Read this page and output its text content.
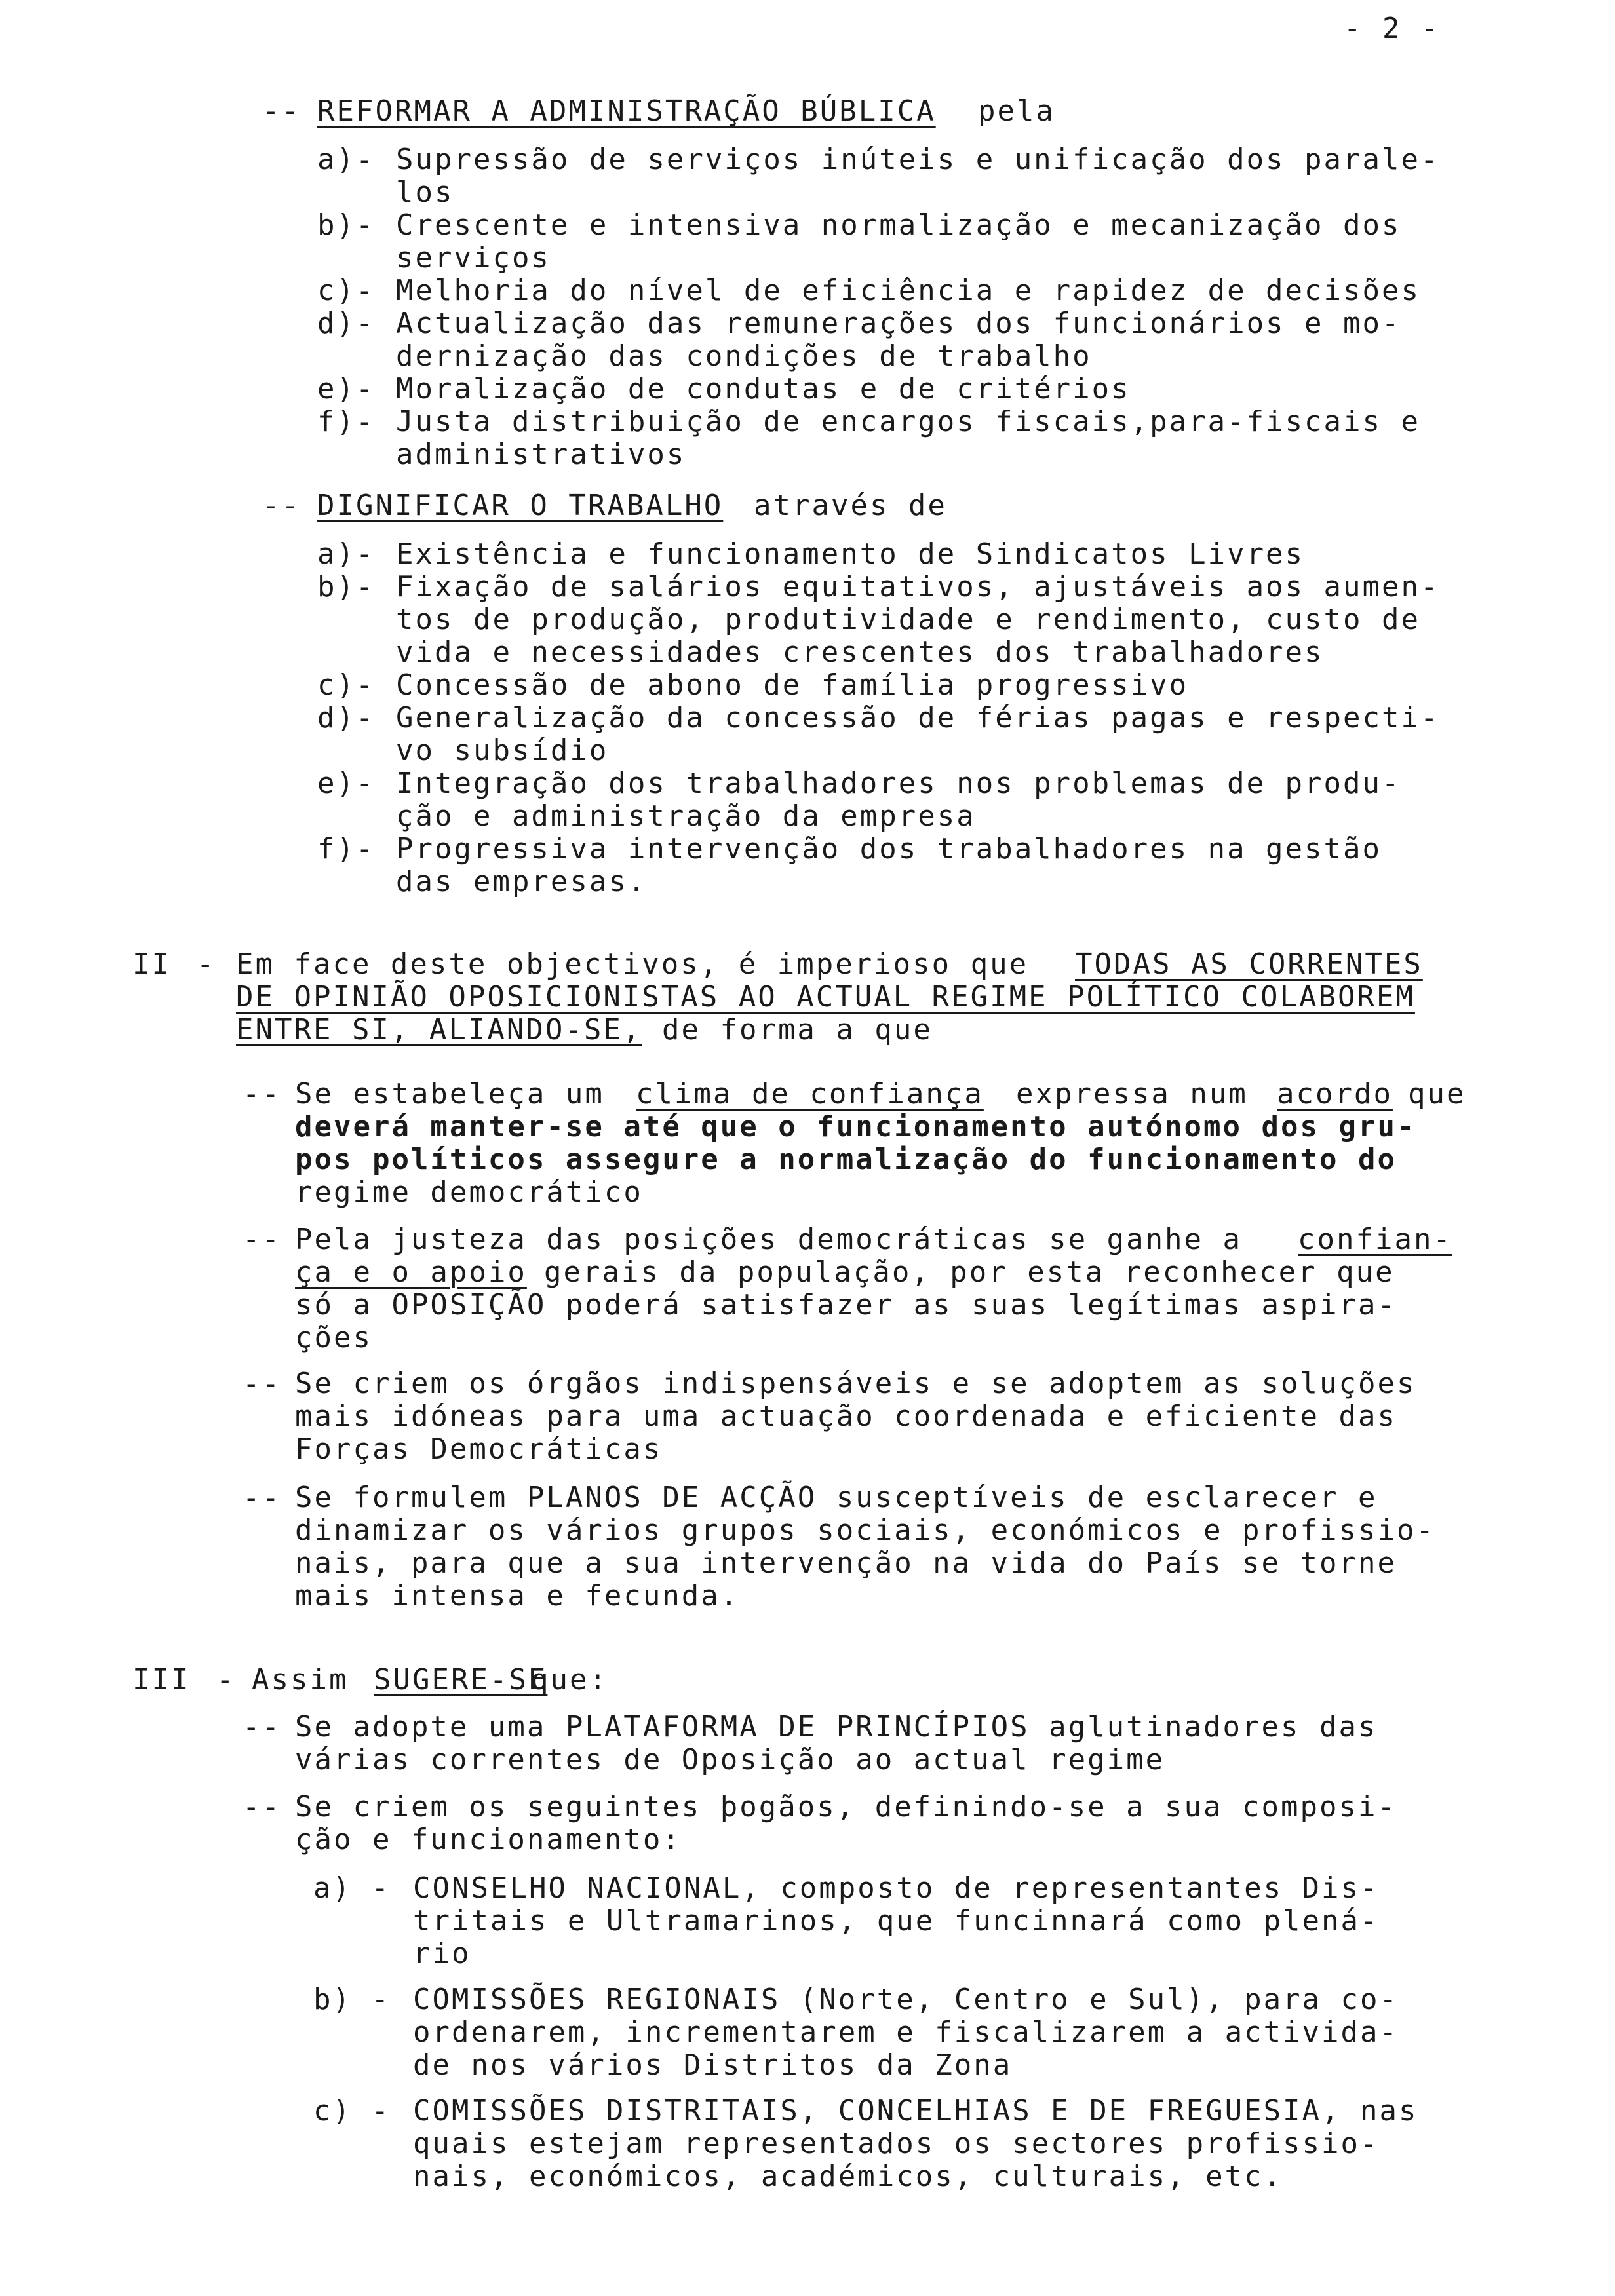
- 2 -
-- REFORMAR A ADMINISTRAÇÃO BÚBLICA pela
a)- Supressão de serviços inúteis e unificação dos parale-
los
b)- Crescente e intensiva normalização e mecanização dos
serviços
c)- Melhoria do nível de eficiência e rapidez de decisões
d)- Actualização das remunerações dos funcionários e mo-
dernização das condições de trabalho
e)- Moralização de condutas e de critérios
f)- Justa distribuição de encargos fiscais,para-fiscais e
administrativos
-- DIGNIFICAR O TRABALHO através de
a)- Existência e funcionamento de Sindicatos Livres
b)- Fixação de salários equitativos, ajustáveis aos aumen-
tos de produção, produtividade e rendimento, custo de
vida e necessidades crescentes dos trabalhadores
c)- Concessão de abono de família progressivo
d)- Generalização da concessão de férias pagas e respecti-
vo subsídio
e)- Integração dos trabalhadores nos problemas de produ-
ção e administração da empresa
f)- Progressiva intervenção dos trabalhadores na gestão
das empresas.
II - Em face deste objectivos, é imperioso que TODAS AS CORRENTES
DE OPINIÃO OPOSICIONISTAS AO ACTUAL REGIME POLÍTICO COLABOREM
ENTRE SI, ALIANDO-SE, de forma a que
-- Se estabeleça um clima de confiança expressa num acordo que
deverá manter-se até que o funcionamento autónomo dos gru-
pos políticos assegure a normalização do funcionamento do
regime democrático
-- Pela justeza das posições democráticas se ganhe a confian-
ça e o apoio gerais da população, por esta reconhecer que
só a OPOSIÇÃO poderá satisfazer as suas legítimas aspira-
ções
-- Se criem os órgãos indispensáveis e se adoptem as soluções
mais idóneas para uma actuação coordenada e eficiente das
Forças Democráticas
-- Se formulem PLANOS DE ACÇÃO susceptíveis de esclarecer e
dinamizar os vários grupos sociais, económicos e profissio-
nais, para que a sua intervenção na vida do País se torne
mais intensa e fecunda.
III - Assim SUGERE-SE
que:
-- Se adopte uma PLATAFORMA DE PRINCÍPIOS aglutinadores das
várias correntes de Oposição ao actual regime
-- Se criem os seguintes þogãos, definindo-se a sua composi-
ção e funcionamento:
a) - CONSELHO NACIONAL, composto de representantes Dis-
tritais e Ultramarinos, que funcinnará como plená-
rio
b) - COMISSÕES REGIONAIS (Norte, Centro e Sul), para co-
ordenarem, incrementarem e fiscalizarem a activida-
de nos vários Distritos da Zona
c) - COMISSÕES DISTRITAIS, CONCELHIAS E DE FREGUESIA, nas
quais estejam representados os sectores profissio-
nais, económicos, académicos, culturais, etc.
